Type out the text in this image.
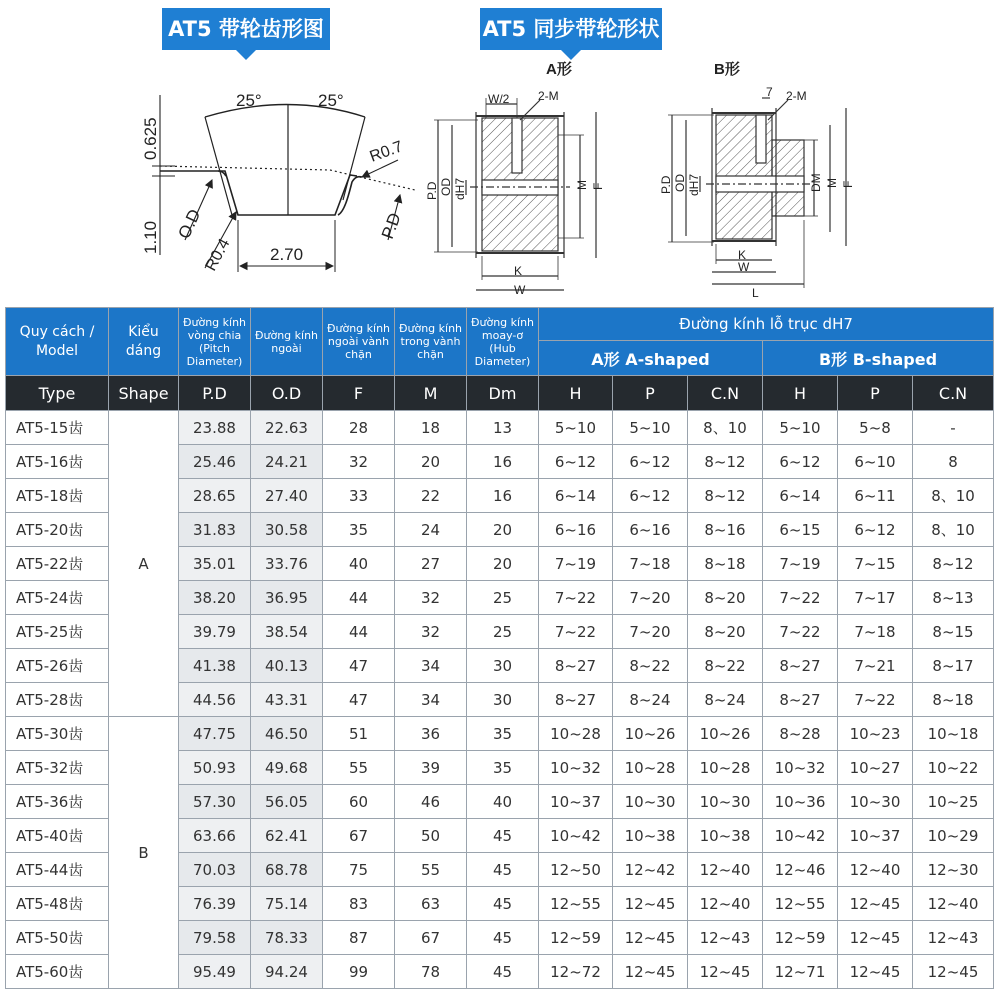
AT5 带轮齿形图	AT5 同步带轮形状
25°	25°
0.625
1.10
R0.7
R0.4 2.70
O.D	P.D
A形
W/2 2-M
P.D OD dH7	M F
K
W
B形
7 2-M
P.D OD dH7	DM M F
K
W
L
Quy cách / Model	Kiểu dáng	Đường kính vòng chia (Pitch Diameter)	Đường kính ngoài	Đường kính ngoài vành chặn	Đường kính trong vành chặn	Đường kính moay-ơ (Hub Diameter)	Đường kính lỗ trục dH7					
							A形 A-shaped			B形 B-shaped		
Type	Shape	P.D	O.D	F	M	Dm	H	P	C.N	H	P	C.N
AT5-15齿	A	23.88	22.63	28	18	13	5~10	5~10	8、10	5~10	5~8	-
AT5-16齿		25.46	24.21	32	20	16	6~12	6~12	8~12	6~12	6~10	8
AT5-18齿		28.65	27.40	33	22	16	6~14	6~12	8~12	6~14	6~11	8、10
AT5-20齿		31.83	30.58	35	24	20	6~16	6~16	8~16	6~15	6~12	8、10
AT5-22齿		35.01	33.76	40	27	20	7~19	7~18	8~18	7~19	7~15	8~12
AT5-24齿		38.20	36.95	44	32	25	7~22	7~20	8~20	7~22	7~17	8~13
AT5-25齿		39.79	38.54	44	32	25	7~22	7~20	8~20	7~22	7~18	8~15
AT5-26齿		41.38	40.13	47	34	30	8~27	8~22	8~22	8~27	7~21	8~17
AT5-28齿		44.56	43.31	47	34	30	8~27	8~24	8~24	8~27	7~22	8~18
AT5-30齿	B	47.75	46.50	51	36	35	10~28	10~26	10~26	8~28	10~23	10~18
AT5-32齿		50.93	49.68	55	39	35	10~32	10~28	10~28	10~32	10~27	10~22
AT5-36齿		57.30	56.05	60	46	40	10~37	10~30	10~30	10~36	10~30	10~25
AT5-40齿		63.66	62.41	67	50	45	10~42	10~38	10~38	10~42	10~37	10~29
AT5-44齿		70.03	68.78	75	55	45	12~50	12~42	12~40	12~46	12~40	12~30
AT5-48齿		76.39	75.14	83	63	45	12~55	12~45	12~40	12~55	12~45	12~40
AT5-50齿		79.58	78.33	87	67	45	12~59	12~45	12~43	12~59	12~45	12~43
AT5-60齿		95.49	94.24	99	78	45	12~72	12~45	12~45	12~71	12~45	12~45
